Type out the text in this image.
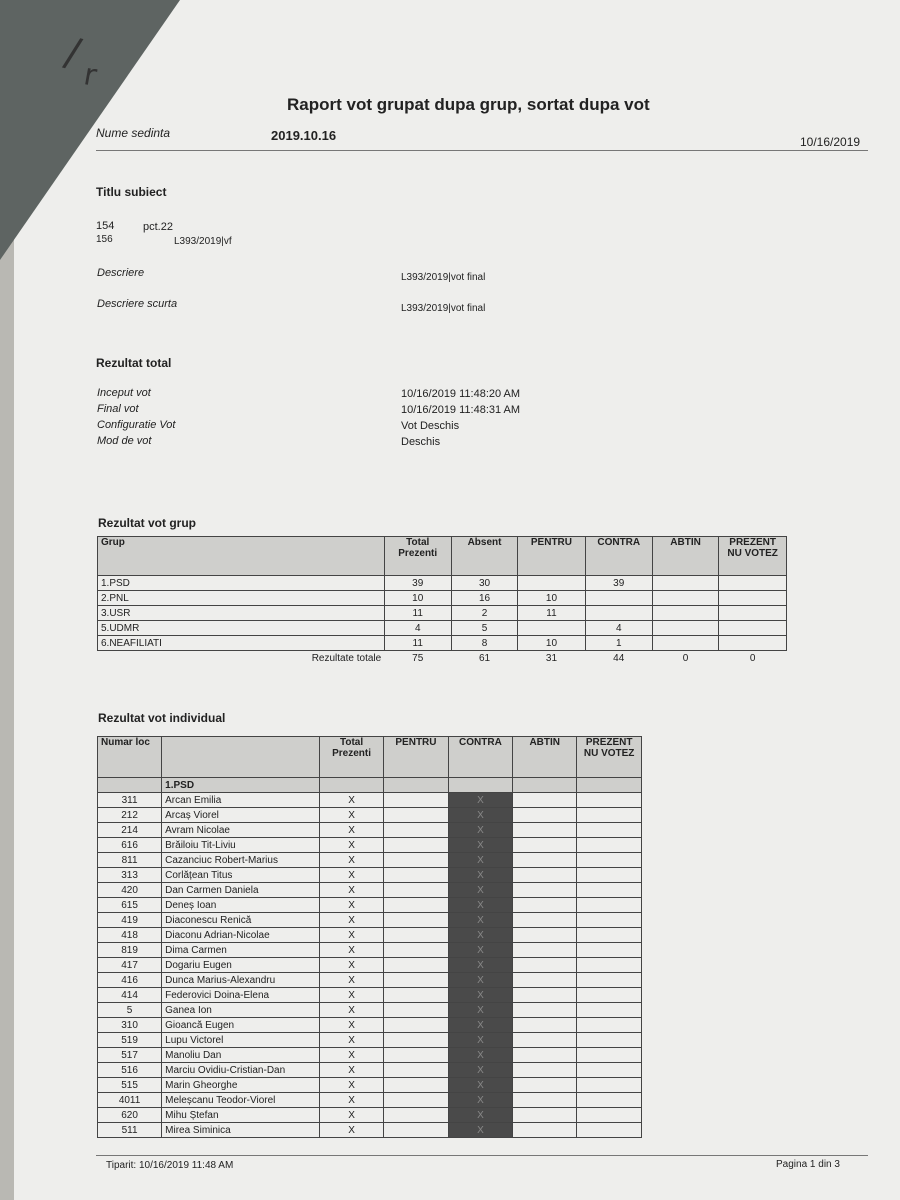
/
r
Raport vot grupat dupa grup, sortat dupa vot
Nume sedinta	2019.10.16	10/16/2019
Titlu subiect
154	pct.22
156	L393/2019|vf
Descriere	L393/2019|vot final
Descriere scurta	L393/2019|vot final
Rezultat total
Inceput vot	10/16/2019 11:48:20 AM
Final vot	10/16/2019 11:48:31 AM
Configuratie Vot	Vot Deschis
Mod de vot	Deschis
Rezultat vot grup
Grup	Total Prezenti	Absent	PENTRU	CONTRA	ABTIN	PREZENT NU VOTEZ
1.PSD	39	30		39		
2.PNL	10	16	10			
3.USR	11	2	11			
5.UDMR	4	5		4		
6.NEAFILIATI	11	8	10	1		
Rezultate totale	75	61	31	44	0	0
Rezultat vot individual
Numar loc		Total Prezenti	PENTRU	CONTRA	ABTIN	PREZENT NU VOTEZ
	1.PSD					
311	Arcan Emilia	X		X		
212	Arcaș Viorel	X		X		
214	Avram Nicolae	X		X		
616	Brăiloiu Tit-Liviu	X		X		
811	Cazanciuc Robert-Marius	X		X		
313	Corlățean Titus	X		X		
420	Dan Carmen Daniela	X		X		
615	Deneș Ioan	X		X		
419	Diaconescu Renică	X		X		
418	Diaconu Adrian-Nicolae	X		X		
819	Dima Carmen	X		X		
417	Dogariu Eugen	X		X		
416	Dunca Marius-Alexandru	X		X		
414	Federovici Doina-Elena	X		X		
5	Ganea Ion	X		X		
310	Gioancă Eugen	X		X		
519	Lupu Victorel	X		X		
517	Manoliu Dan	X		X		
516	Marciu Ovidiu-Cristian-Dan	X		X		
515	Marin Gheorghe	X		X		
4011	Meleșcanu Teodor-Viorel	X		X		
620	Mihu Ștefan	X		X		
511	Mirea Siminica	X		X		
Tiparit: 10/16/2019 11:48 AM	Pagina 1 din 3
